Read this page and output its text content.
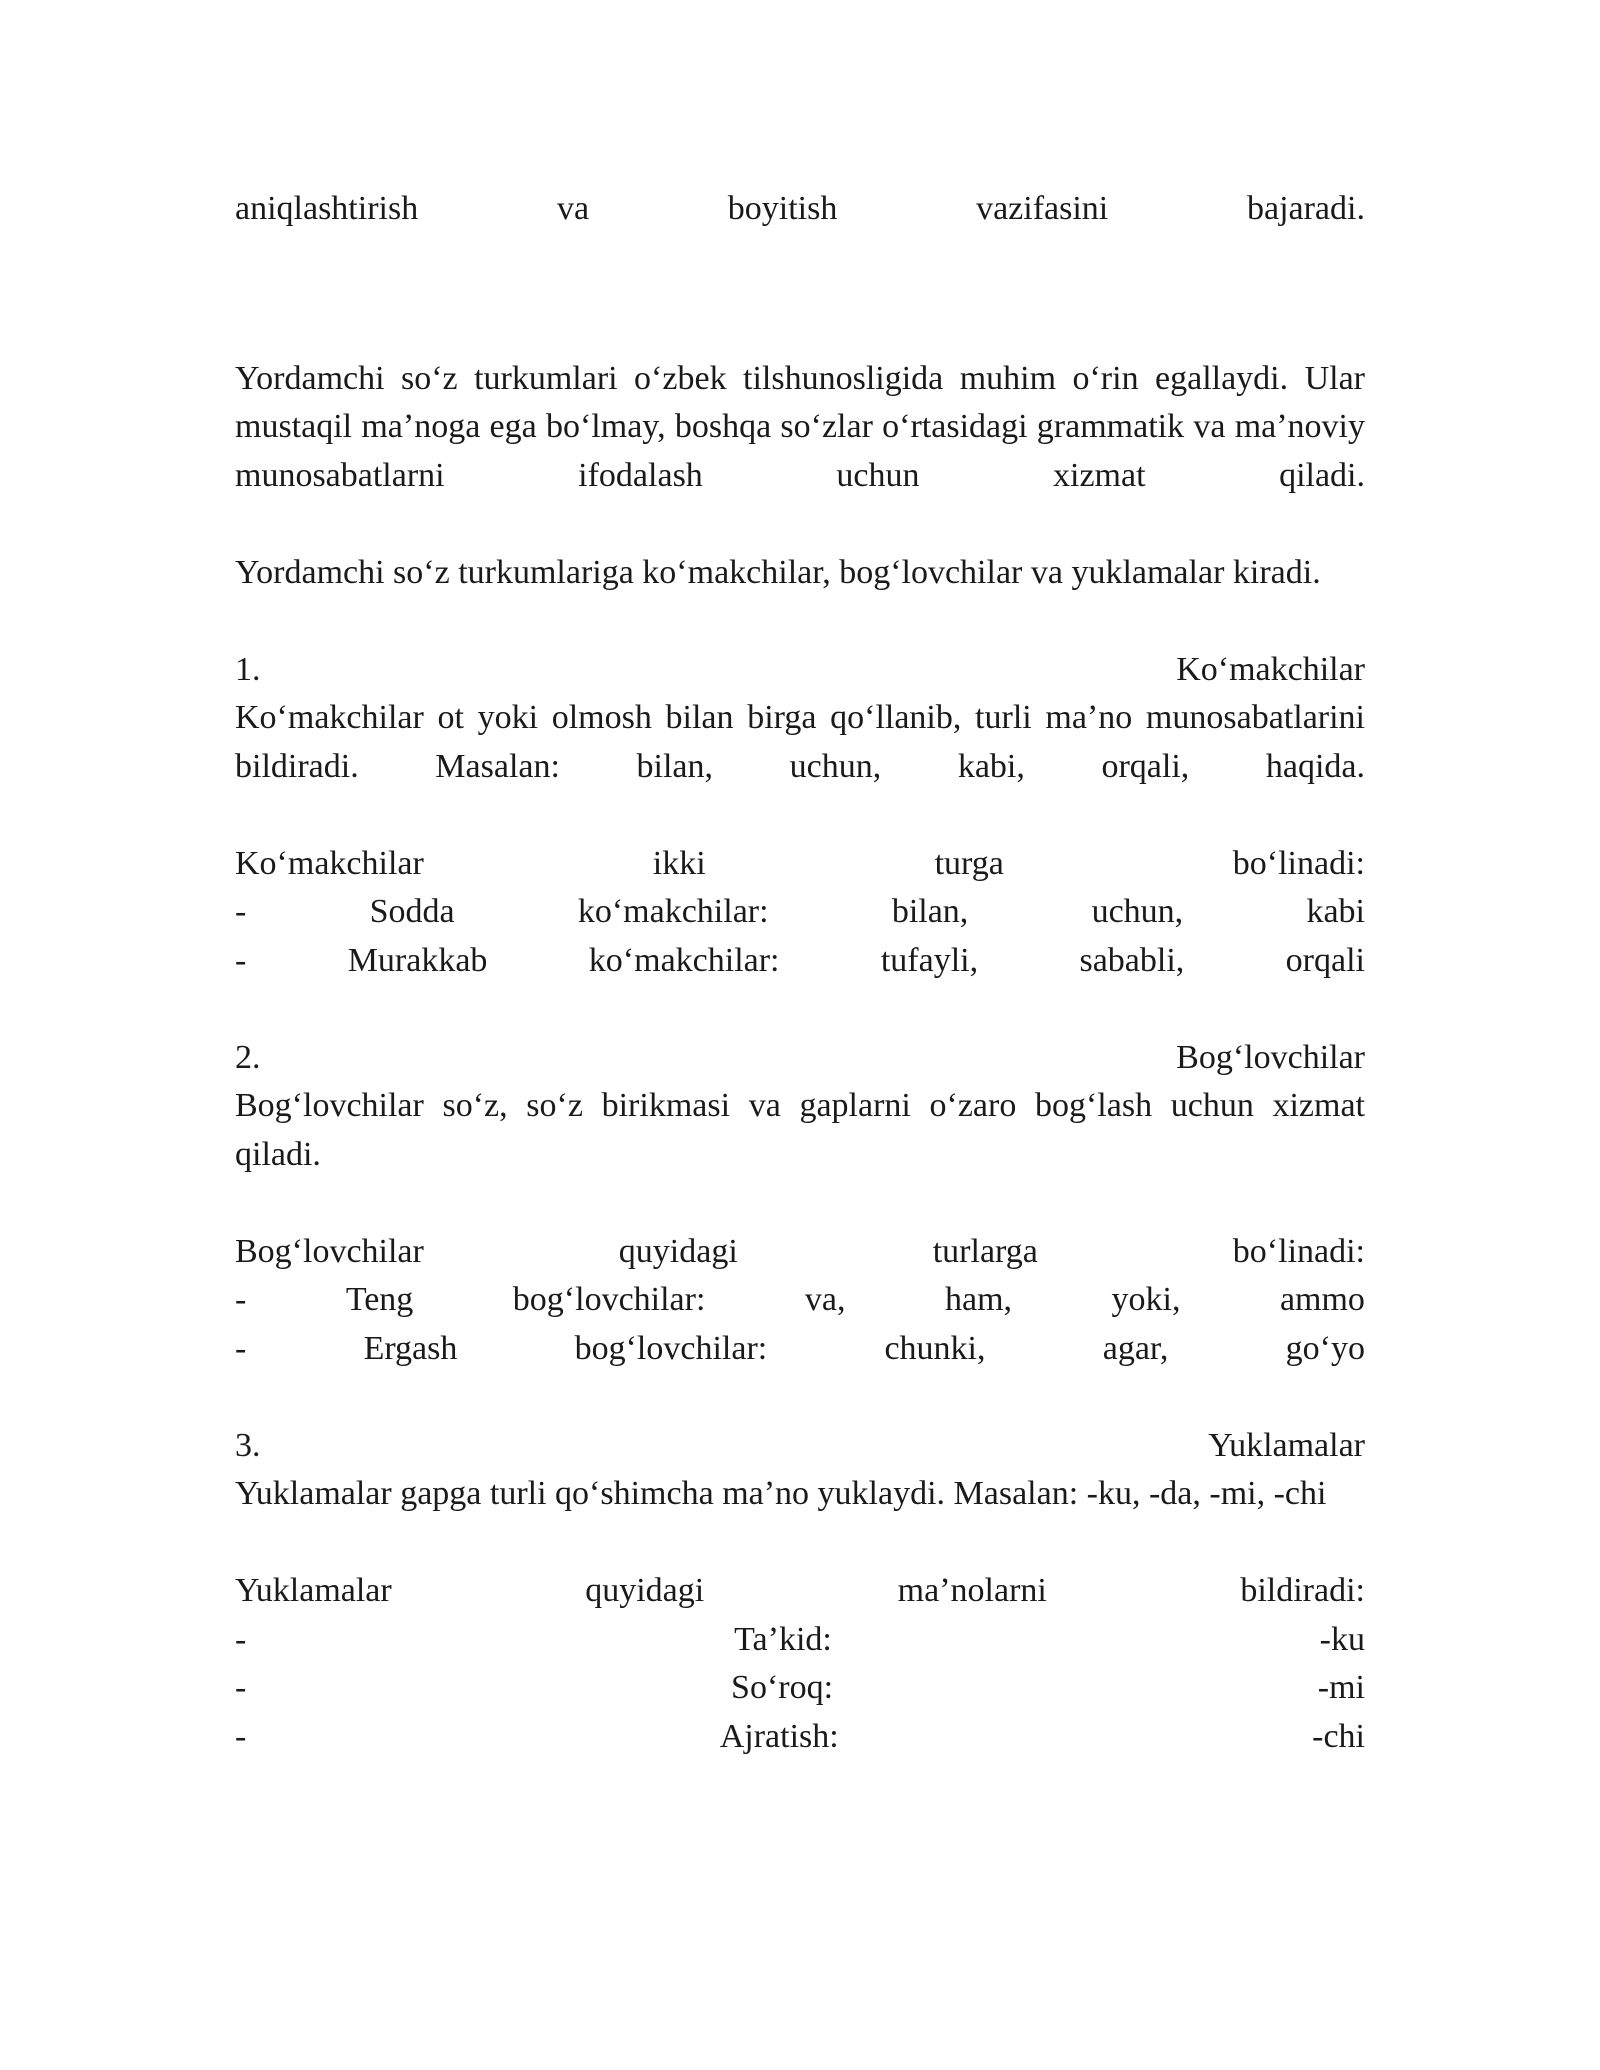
aniqlashtirish	va	boyitish	vazifasini	bajaradi.

Yordamchi soʻz turkumlari oʻzbek tilshunosligida muhim oʻrin egallaydi. Ular mustaqil maʼnoga ega boʻlmay, boshqa soʻzlar oʻrtasidagi grammatik va maʼnoviy munosabatlarni ifodalash uchun xizmat qiladi.

Yordamchi soʻz turkumlariga koʻmakchilar, bogʻlovchilar va yuklamalar kiradi.

1.	Koʻmakchilar

Koʻmakchilar ot yoki olmosh bilan birga qoʻllanib, turli maʼno munosabatlarini bildiradi. Masalan: bilan, uchun, kabi, orqali, haqida.

Koʻmakchilar	ikki	turga	boʻlinadi:
-	Sodda	koʻmakchilar:	bilan,	uchun,	kabi
-	Murakkab	koʻmakchilar:	tufayli,	sababli,	orqali
2.	Bogʻlovchilar

Bogʻlovchilar soʻz, soʻz birikmasi va gaplarni oʻzaro bogʻlash uchun xizmat qiladi.

Bogʻlovchilar	quyidagi	turlarga	boʻlinadi:
-	Teng	bogʻlovchilar:	va,	ham,	yoki,	ammo
-	Ergash	bogʻlovchilar:	chunki,	agar,	goʻyo
3.	Yuklamalar

Yuklamalar gapga turli qoʻshimcha maʼno yuklaydi. Masalan: -ku, -da, -mi, -chi

Yuklamalar	quyidagi	maʼnolarni	bildiradi:
-	Taʼkid:	-ku
-	Soʻroq:	-mi
-	Ajratish:	-chi
